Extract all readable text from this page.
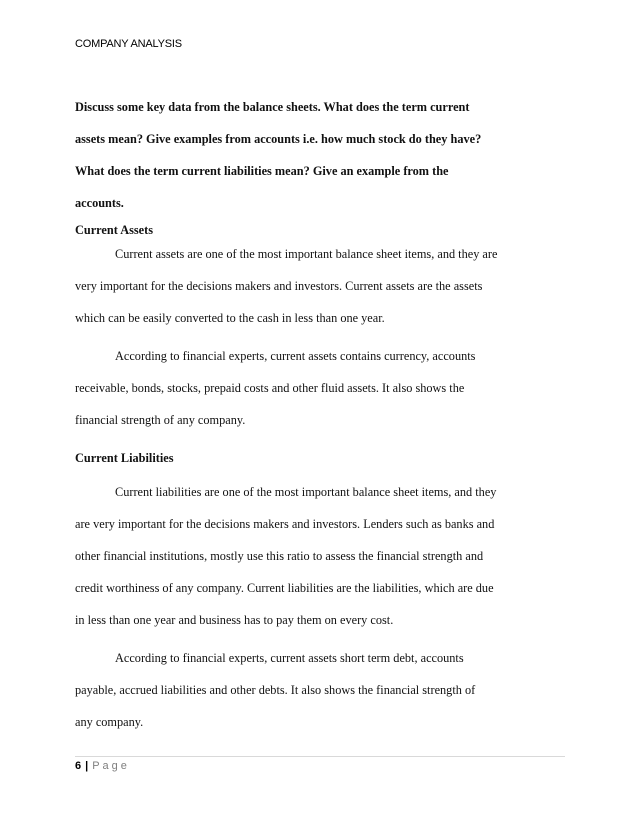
COMPANY ANALYSIS
Discuss some key data from the balance sheets. What does the term current
assets mean? Give examples from accounts i.e. how much stock do they have?
What does the term current liabilities mean? Give an example from the
accounts.
Current Assets
Current assets are one of the most important balance sheet items, and they are
very important for the decisions makers and investors. Current assets are the assets
which can be easily converted to the cash in less than one year.
According to financial experts, current assets contains currency, accounts
receivable, bonds, stocks, prepaid costs and other fluid assets. It also shows the
financial strength of any company.
Current Liabilities
Current liabilities are one of the most important balance sheet items, and they
are very important for the decisions makers and investors. Lenders such as banks and
other financial institutions, mostly use this ratio to assess the financial strength and
credit worthiness of any company. Current liabilities are the liabilities, which are due
in less than one year and business has to pay them on every cost.
According to financial experts, current assets short term debt, accounts
payable, accrued liabilities and other debts. It also shows the financial strength of
any company.
6 | Page
